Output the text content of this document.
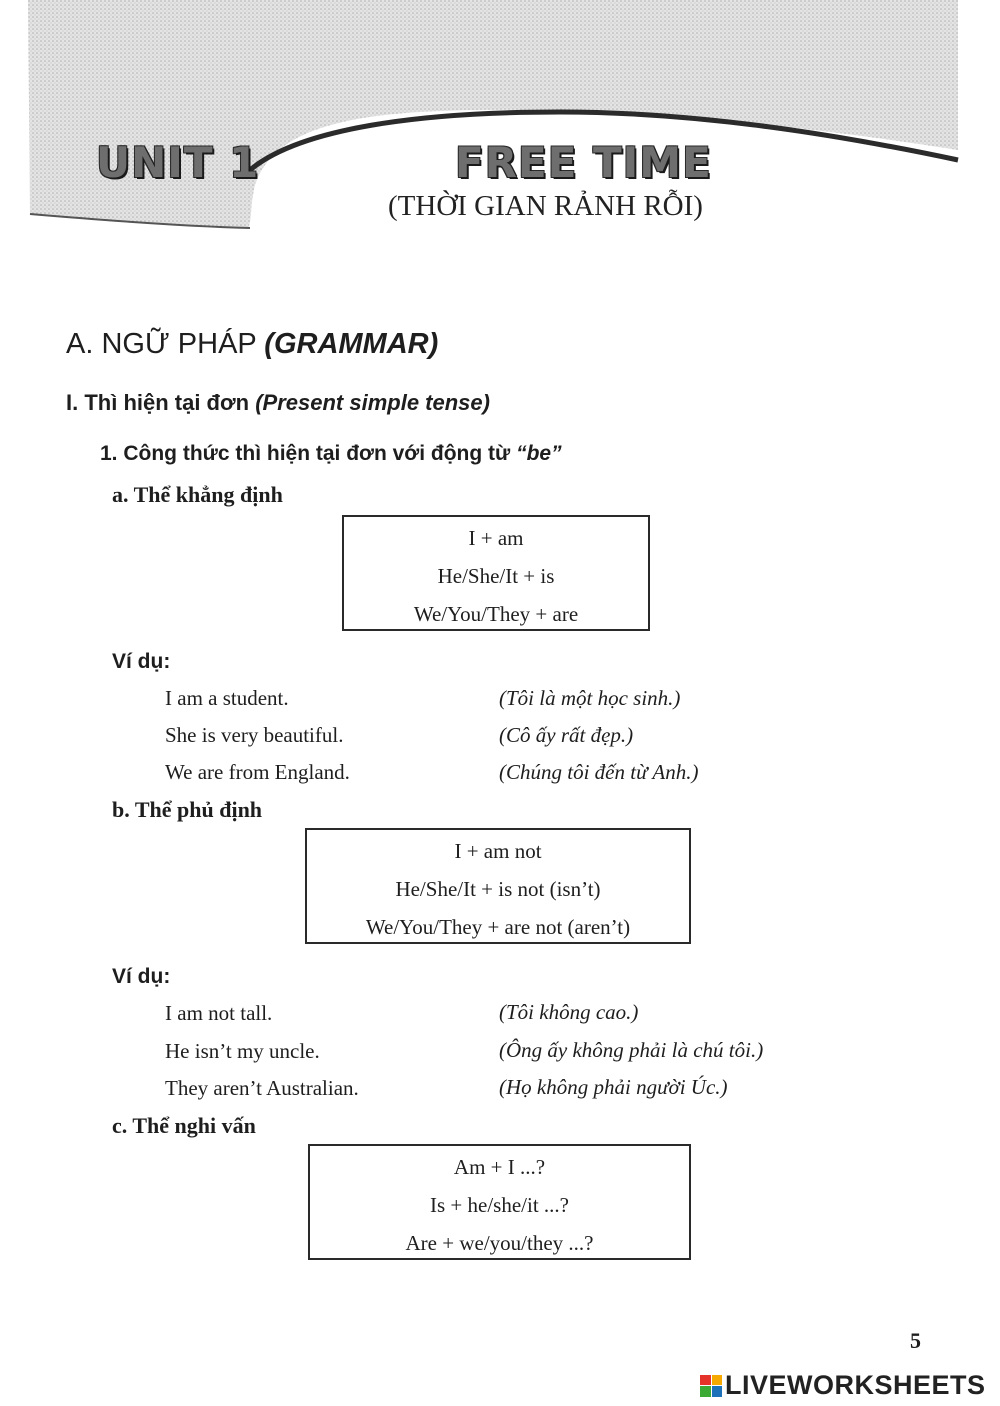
UNIT 1	FREE TIME
(THỜI GIAN RẢNH RỖI)
A. NGỮ PHÁP (GRAMMAR)
I. Thì hiện tại đơn (Present simple tense)
1. Công thức thì hiện tại đơn với động từ “be”
a. Thể khẳng định
I + am
He/She/It + is
We/You/They + are
Ví dụ:
I am a student.	(Tôi là một học sinh.)
She is very beautiful.	(Cô ấy rất đẹp.)
We are from England.	(Chúng tôi đến từ Anh.)
b. Thể phủ định
I + am not
He/She/It + is not (isn’t)
We/You/They + are not (aren’t)
Ví dụ:
I am not tall.	(Tôi không cao.)
He isn’t my uncle.	(Ông ấy không phải là chú tôi.)
They aren’t Australian.	(Họ không phải người Úc.)
c. Thể nghi vấn
Am + I ...?
Is + he/she/it ...?
Are + we/you/they ...?
5
LIVEWORKSHEETS
